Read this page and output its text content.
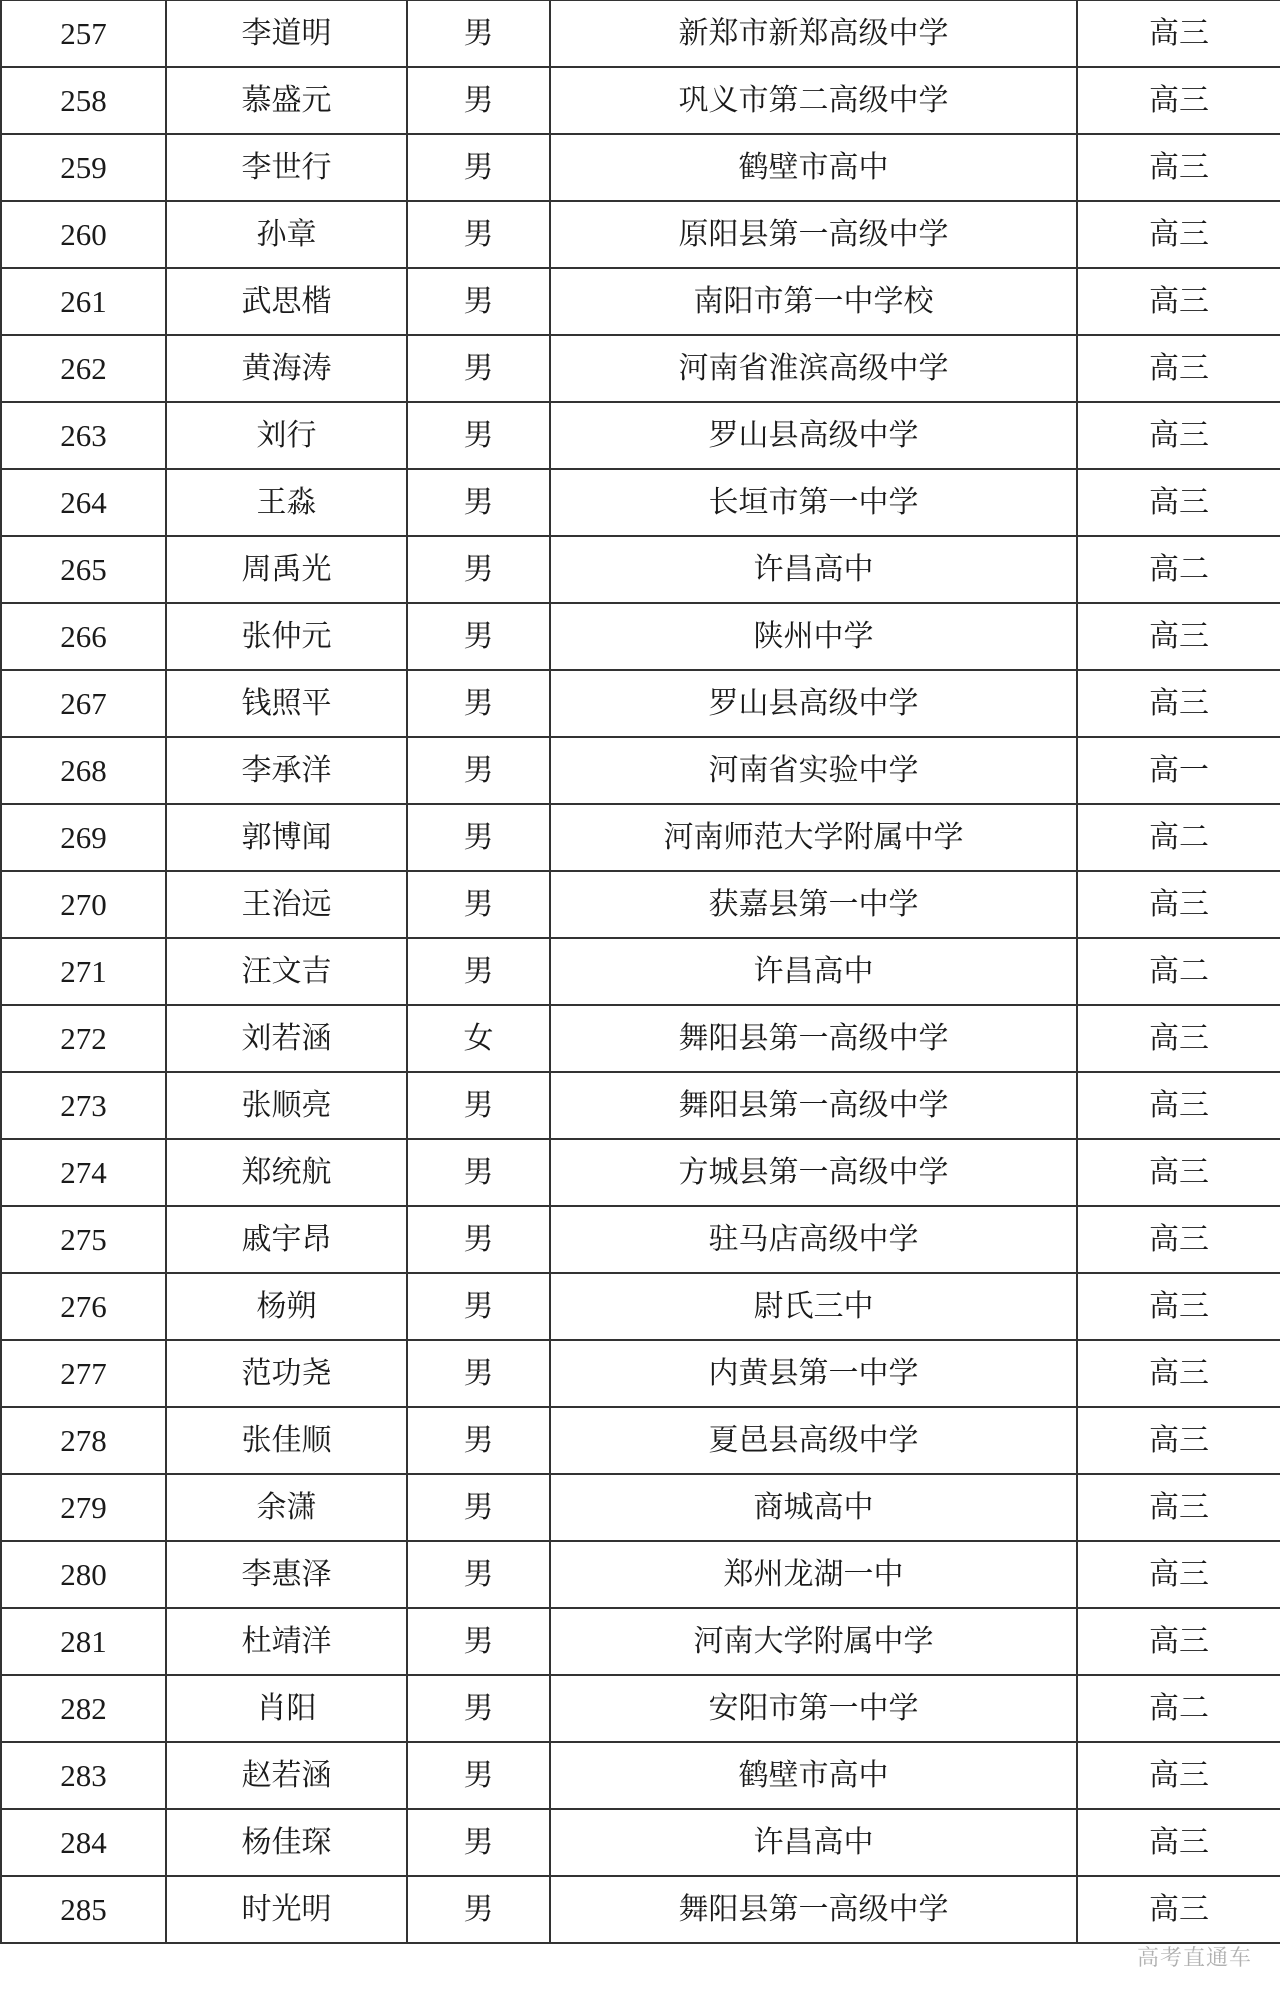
257	李道明	男	新郑市新郑高级中学	高三
258	慕盛元	男	巩义市第二高级中学	高三
259	李世行	男	鹤壁市高中	高三
260	孙章	男	原阳县第一高级中学	高三
261	武思楷	男	南阳市第一中学校	高三
262	黄海涛	男	河南省淮滨高级中学	高三
263	刘行	男	罗山县高级中学	高三
264	王淼	男	长垣市第一中学	高三
265	周禹光	男	许昌高中	高二
266	张仲元	男	陕州中学	高三
267	钱照平	男	罗山县高级中学	高三
268	李承洋	男	河南省实验中学	高一
269	郭博闻	男	河南师范大学附属中学	高二
270	王治远	男	获嘉县第一中学	高三
271	汪文吉	男	许昌高中	高二
272	刘若涵	女	舞阳县第一高级中学	高三
273	张顺亮	男	舞阳县第一高级中学	高三
274	郑统航	男	方城县第一高级中学	高三
275	戚宇昂	男	驻马店高级中学	高三
276	杨朔	男	尉氏三中	高三
277	范功尧	男	内黄县第一中学	高三
278	张佳顺	男	夏邑县高级中学	高三
279	余潇	男	商城高中	高三
280	李惠泽	男	郑州龙湖一中	高三
281	杜靖洋	男	河南大学附属中学	高三
282	肖阳	男	安阳市第一中学	高二
283	赵若涵	男	鹤壁市高中	高三
284	杨佳琛	男	许昌高中	高三
285	时光明	男	舞阳县第一高级中学	高三
高考直通车
